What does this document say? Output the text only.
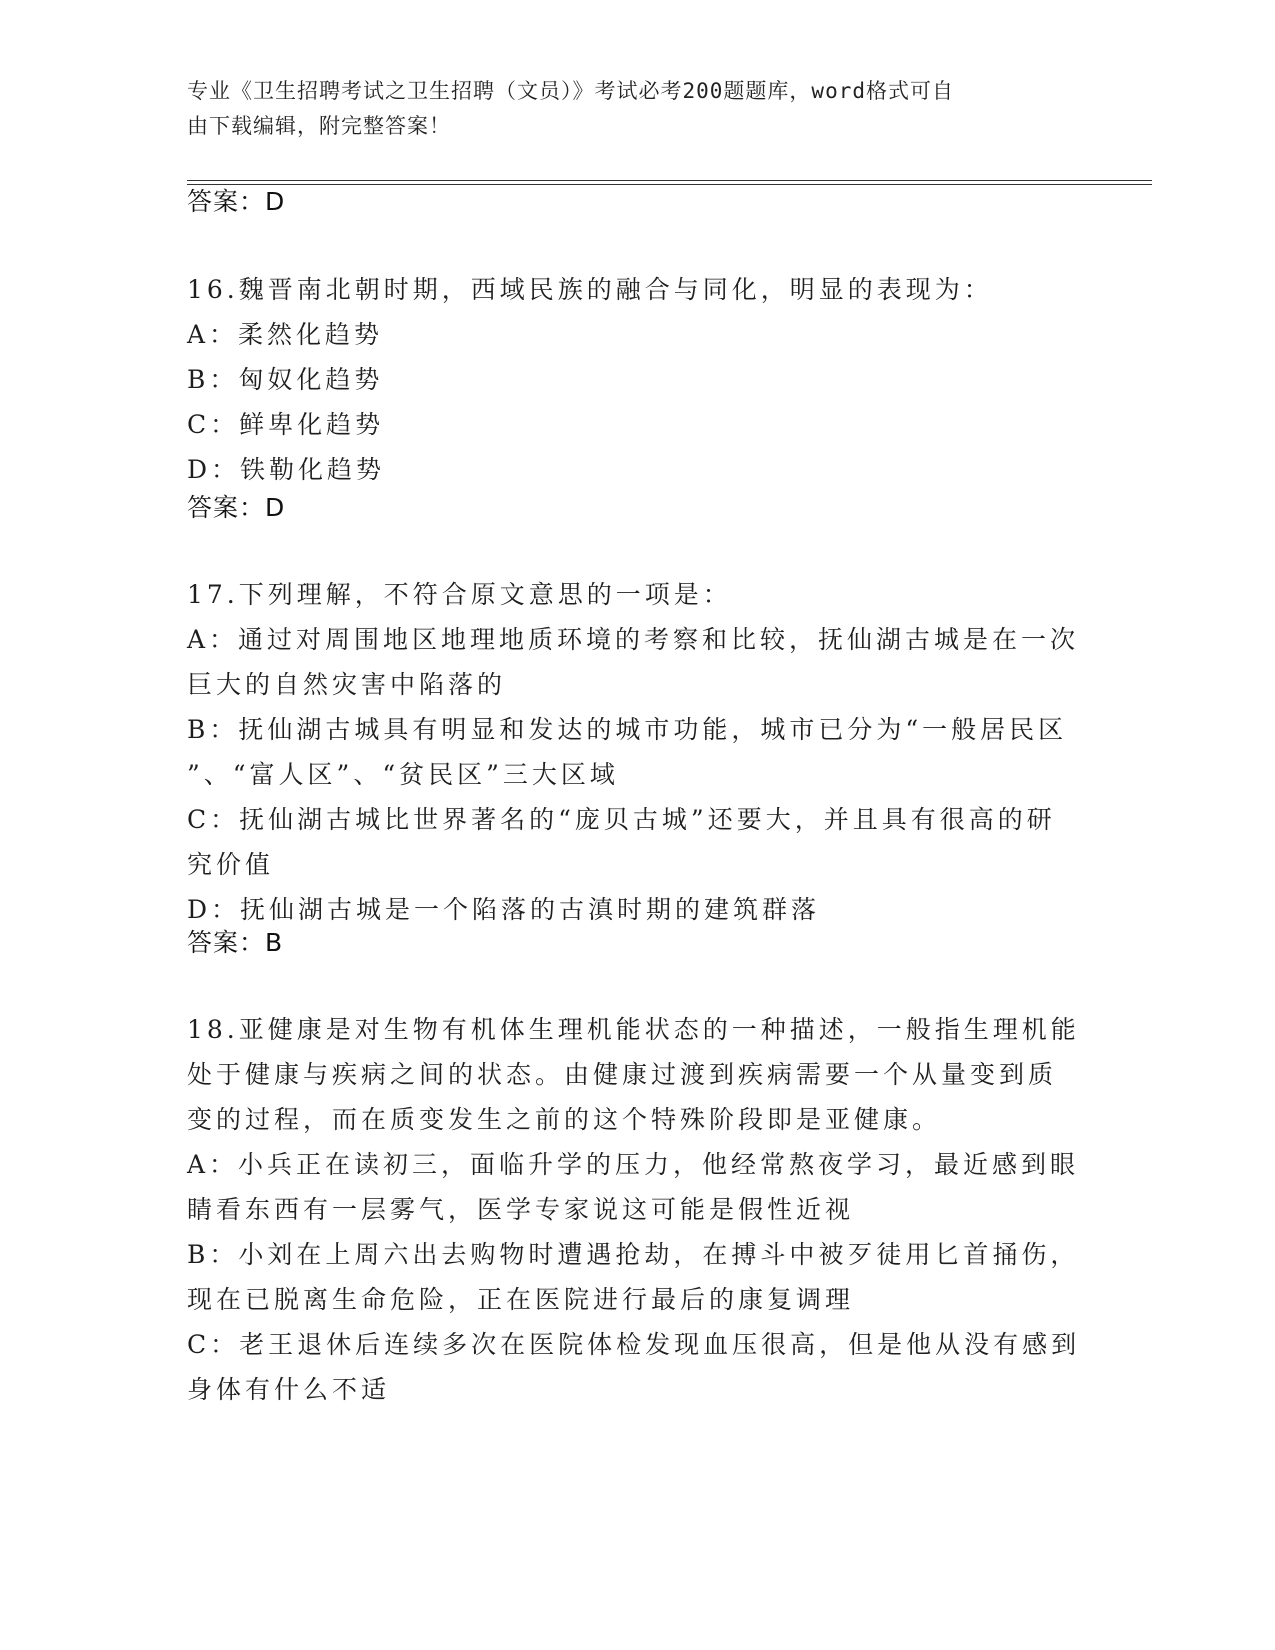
专业《卫生招聘考试之卫生招聘（文员）》考试必考200题题库，word格式可自
由下载编辑，附完整答案！
答案：D
16.魏晋南北朝时期，西域民族的融合与同化，明显的表现为：
A：柔然化趋势
B：匈奴化趋势
C：鲜卑化趋势
D：铁勒化趋势
答案：D
17.下列理解，不符合原文意思的一项是：
A：通过对周围地区地理地质环境的考察和比较，抚仙湖古城是在一次
巨大的自然灾害中陷落的
B：抚仙湖古城具有明显和发达的城市功能，城市已分为“一般居民区
”、“富人区”、“贫民区”三大区域
C：抚仙湖古城比世界著名的“庞贝古城”还要大，并且具有很高的研
究价值
D：抚仙湖古城是一个陷落的古滇时期的建筑群落
答案：B
18.亚健康是对生物有机体生理机能状态的一种描述，一般指生理机能
处于健康与疾病之间的状态。由健康过渡到疾病需要一个从量变到质
变的过程，而在质变发生之前的这个特殊阶段即是亚健康。
A：小兵正在读初三，面临升学的压力，他经常熬夜学习，最近感到眼
睛看东西有一层雾气，医学专家说这可能是假性近视
B：小刘在上周六出去购物时遭遇抢劫，在搏斗中被歹徒用匕首捅伤，
现在已脱离生命危险，正在医院进行最后的康复调理
C：老王退休后连续多次在医院体检发现血压很高，但是他从没有感到
身体有什么不适
